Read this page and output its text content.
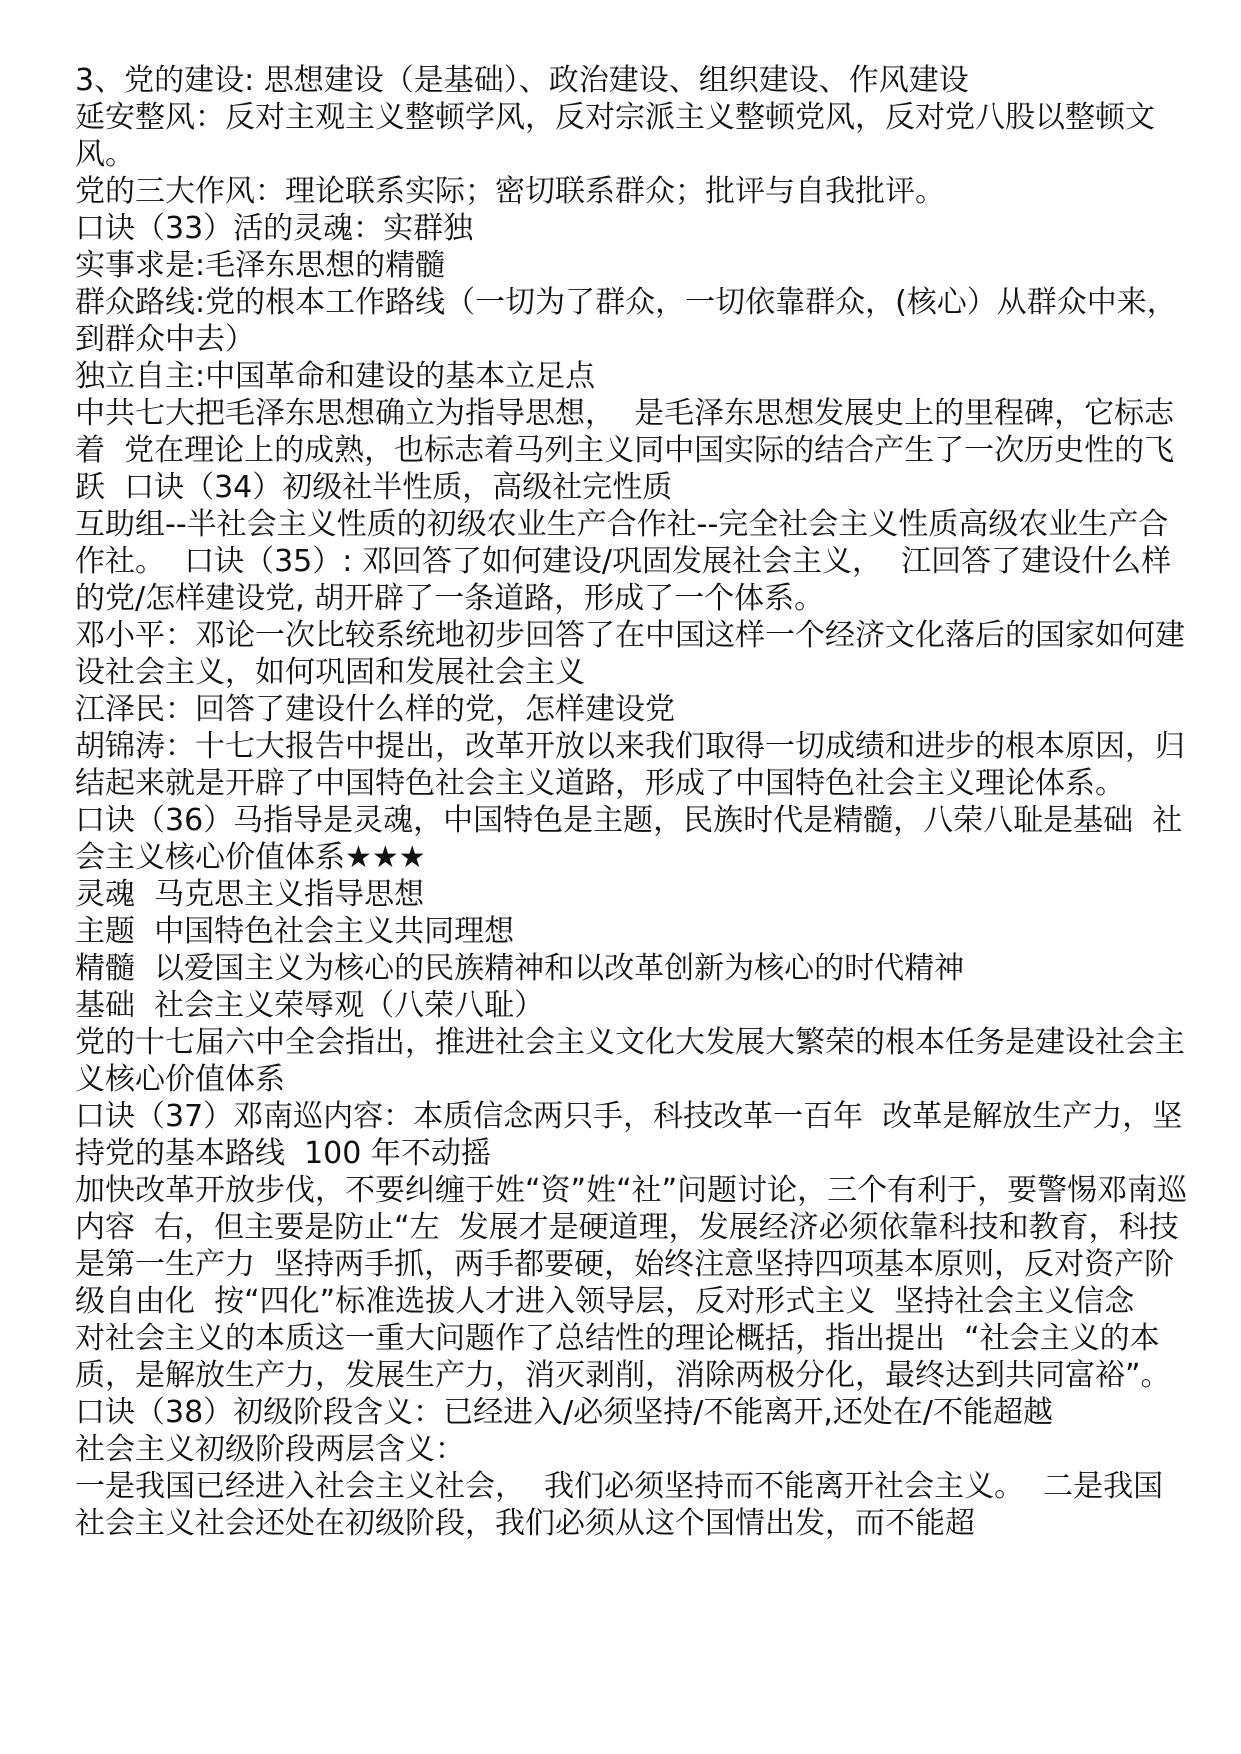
3、党的建设: 思想建设（是基础）、政治建设、组织建设、作风建设

延安整风：反对主观主义整顿学风，反对宗派主义整顿党风，反对党八股以整顿文风。

党的三大作风：理论联系实际；密切联系群众；批评与自我批评。

口诀（33）活的灵魂：实群独

实事求是:毛泽东思想的精髓

群众路线:党的根本工作路线（一切为了群众，一切依靠群众，(核心）从群众中来，到群众中去）

独立自主:中国革命和建设的基本立足点

中共七大把毛泽东思想确立为指导思想，  是毛泽东思想发展史上的里程碑，它标志着  党在理论上的成熟，也标志着马列主义同中国实际的结合产生了一次历史性的飞跃  口诀（34）初级社半性质，高级社完性质

互助组--半社会主义性质的初级农业生产合作社--完全社会主义性质高级农业生产合作社。  口诀（35）: 邓回答了如何建设/巩固发展社会主义，  江回答了建设什么样的党/怎样建设党, 胡开辟了一条道路，形成了一个体系。

邓小平：邓论一次比较系统地初步回答了在中国这样一个经济文化落后的国家如何建设社会主义，如何巩固和发展社会主义

江泽民：回答了建设什么样的党，怎样建设党

胡锦涛：十七大报告中提出，改革开放以来我们取得一切成绩和进步的根本原因，归结起来就是开辟了中国特色社会主义道路，形成了中国特色社会主义理论体系。

口诀（36）马指导是灵魂，中国特色是主题，民族时代是精髓，八荣八耻是基础  社会主义核心价值体系★★★

灵魂  马克思主义指导思想

主题  中国特色社会主义共同理想

精髓  以爱国主义为核心的民族精神和以改革创新为核心的时代精神

基础  社会主义荣辱观（八荣八耻）

党的十七届六中全会指出，推进社会主义文化大发展大繁荣的根本任务是建设社会主义核心价值体系

口诀（37）邓南巡内容：本质信念两只手，科技改革一百年  改革是解放生产力，坚持党的基本路线  100 年不动摇

加快改革开放步伐，不要纠缠于姓“资”姓“社”问题讨论，三个有利于，要警惕邓南巡内容  右，但主要是防止“左  发展才是硬道理，发展经济必须依靠科技和教育，科技是第一生产力  坚持两手抓，两手都要硬，始终注意坚持四项基本原则，反对资产阶级自由化  按“四化”标准选拔人才进入领导层，反对形式主义  坚持社会主义信念

对社会主义的本质这一重大问题作了总结性的理论概括，指出提出  “社会主义的本质，是解放生产力，发展生产力，消灭剥削，消除两极分化，最终达到共同富裕”。

口诀（38）初级阶段含义：已经进入/必须坚持/不能离开,还处在/不能超越

社会主义初级阶段两层含义：

一是我国已经进入社会主义社会，  我们必须坚持而不能离开社会主义。  二是我国社会主义社会还处在初级阶段，我们必须从这个国情出发，而不能超
